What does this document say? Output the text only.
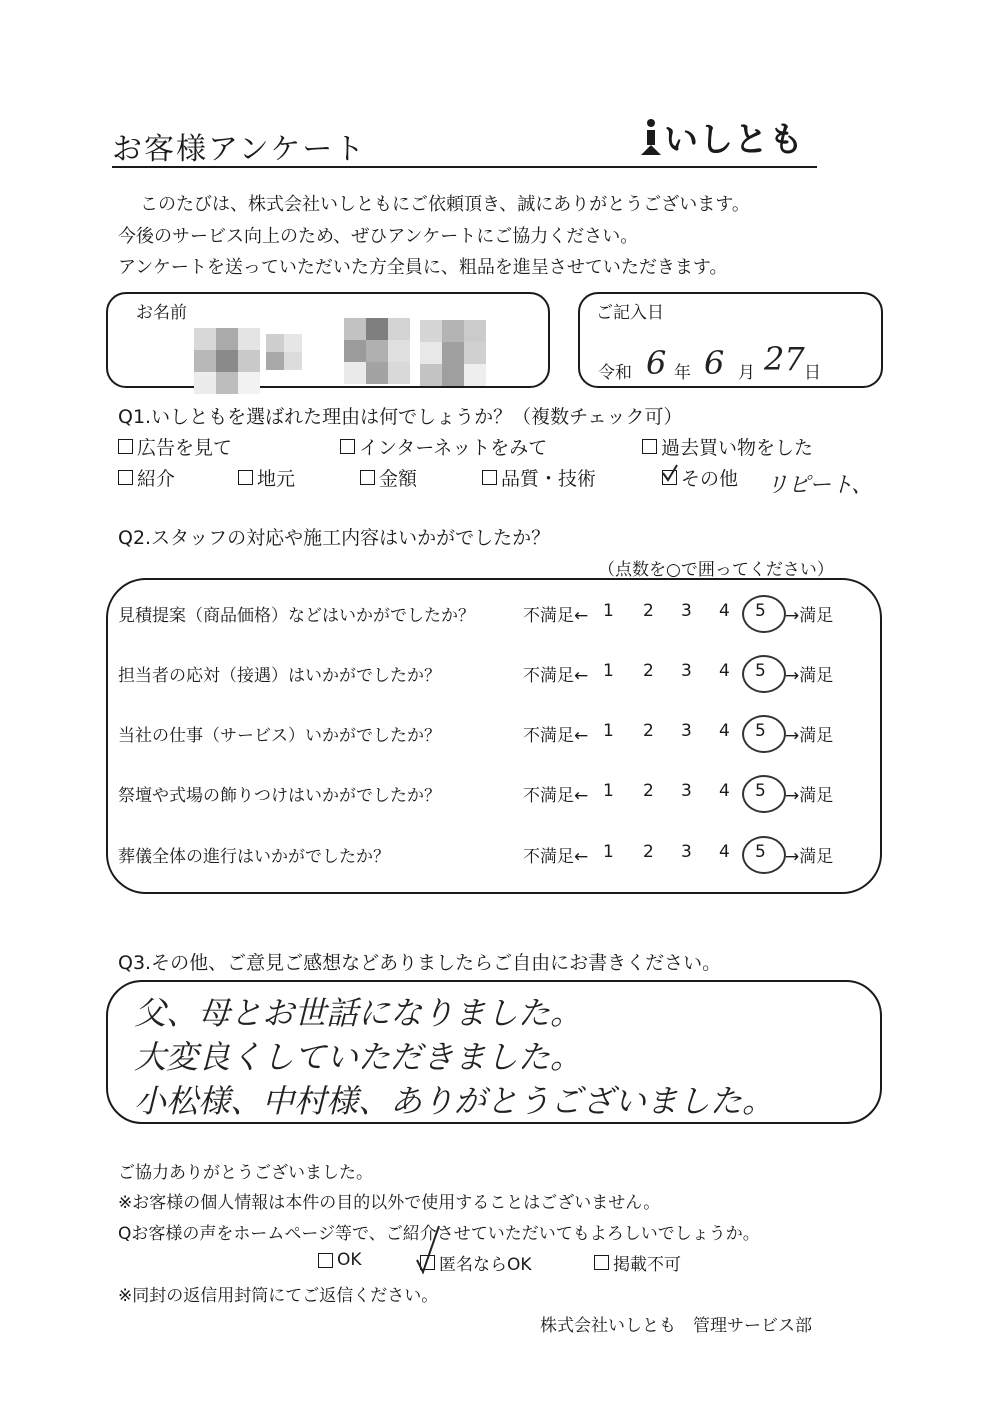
お客様アンケート	いしとも
このたびは、株式会社いしともにご依頼頂き、誠にありがとうございます。
今後のサービス向上のため、ぜひアンケートにご協力ください。
アンケートを送っていただいた方全員に、粗品を進呈させていただきます。
お名前	ご記入日
令和 6 年 6 月 27 日
Q1.いしともを選ばれた理由は何でしょうか？（複数チェック可）
広告を見て	インターネットをみて	過去買い物をした
紹介	地元	金額	品質・技術	その他 リピート、
Q2.スタッフの対応や施工内容はいかがでしたか？
（点数を○で囲ってください）
見積提案（商品価格）などはいかがでしたか？	不満足← 1 2 3 4 5 →満足
担当者の応対（接遇）はいかがでしたか？	不満足← 1 2 3 4 5 →満足
当社の仕事（サービス）いかがでしたか？	不満足← 1 2 3 4 5 →満足
祭壇や式場の飾りつけはいかがでしたか？	不満足← 1 2 3 4 5 →満足
葬儀全体の進行はいかがでしたか？	不満足← 1 2 3 4 5 →満足
Q3.その他、ご意見ご感想などありましたらご自由にお書きください。
父、母とお世話になりました。
大変良くしていただきました。
小松様、中村様、ありがとうございました。
ご協力ありがとうございました。
※お客様の個人情報は本件の目的以外で使用することはございません。
Qお客様の声をホームページ等で、ご紹介させていただいてもよろしいでしょうか。
OK	匿名ならOK	掲載不可
※同封の返信用封筒にてご返信ください。
株式会社いしとも　管理サービス部
